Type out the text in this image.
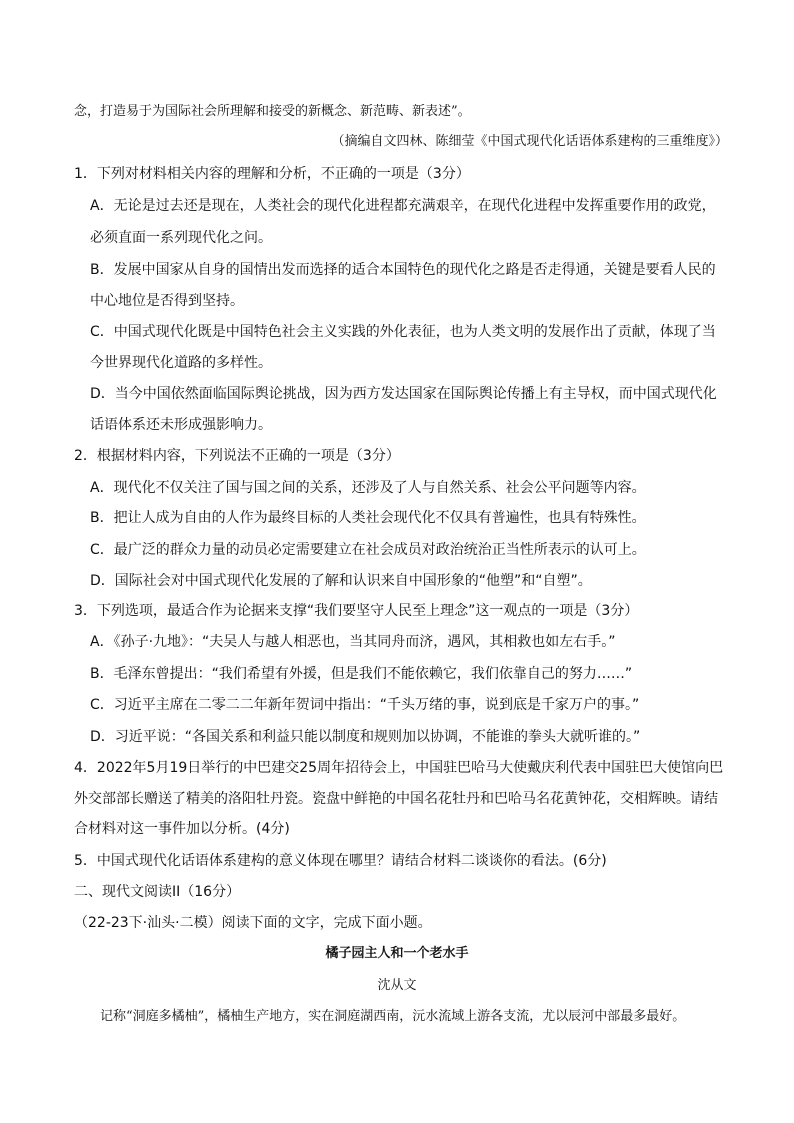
念，打造易于为国际社会所理解和接受的新概念、新范畴、新表述”。
（摘编自文四林、陈细莹《中国式现代化话语体系建构的三重维度》）
1．下列对材料相关内容的理解和分析，不正确的一项是（3分）
A．无论是过去还是现在，人类社会的现代化进程都充满艰辛，在现代化进程中发挥重要作用的政党，
必须直面一系列现代化之问。
B．发展中国家从自身的国情出发而选择的适合本国特色的现代化之路是否走得通，关键是要看人民的
中心地位是否得到坚持。
C．中国式现代化既是中国特色社会主义实践的外化表征，也为人类文明的发展作出了贡献，体现了当
今世界现代化道路的多样性。
D．当今中国依然面临国际舆论挑战，因为西方发达国家在国际舆论传播上有主导权，而中国式现代化
话语体系还未形成强影响力。
2．根据材料内容，下列说法不正确的一项是（3分）
A．现代化不仅关注了国与国之间的关系，还涉及了人与自然关系、社会公平问题等内容。
B．把让人成为自由的人作为最终目标的人类社会现代化不仅具有普遍性，也具有特殊性。
C．最广泛的群众力量的动员必定需要建立在社会成员对政治统治正当性所表示的认可上。
D．国际社会对中国式现代化发展的了解和认识来自中国形象的“他塑”和“自塑”。
3．下列选项，最适合作为论据来支撑“我们要坚守人民至上理念”这一观点的一项是（3分）
A．《孙子·九地》：“夫吴人与越人相恶也，当其同舟而济，遇风，其相救也如左右手。”
B．毛泽东曾提出：“我们希望有外援，但是我们不能依赖它，我们依靠自己的努力……”
C．习近平主席在二零二二年新年贺词中指出：“千头万绪的事，说到底是千家万户的事。”
D．习近平说：“各国关系和利益只能以制度和规则加以协调，不能谁的拳头大就听谁的。”
4．2022年5月19日举行的中巴建交25周年招待会上，中国驻巴哈马大使戴庆利代表中国驻巴大使馆向巴
外交部部长赠送了精美的洛阳牡丹瓷。瓷盘中鲜艳的中国名花牡丹和巴哈马名花黄钟花，交相辉映。请结
合材料对这一事件加以分析。(4分)
5．中国式现代化话语体系建构的意义体现在哪里？请结合材料二谈谈你的看法。(6分)
二、现代文阅读II（16分）
（22-23下·汕头·二模）阅读下面的文字，完成下面小题。
橘子园主人和一个老水手
沈从文
记称“洞庭多橘柚”，橘柚生产地方，实在洞庭湖西南，沅水流域上游各支流，尤以辰河中部最多最好。
